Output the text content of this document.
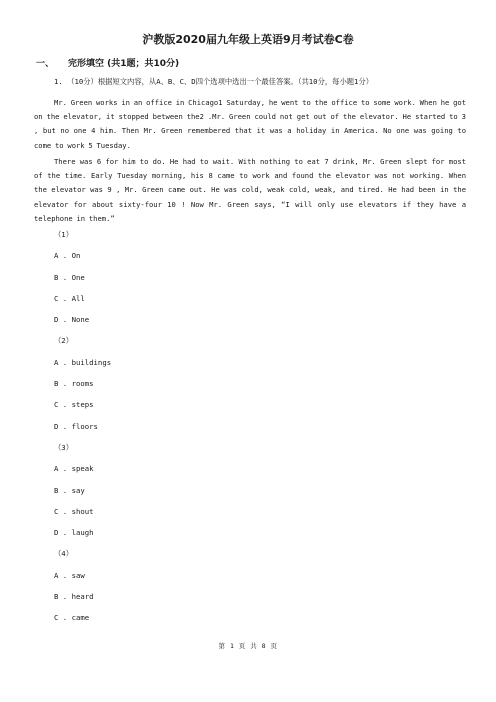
沪教版2020届九年级上英语9月考试卷C卷
一、 完形填空 (共1题；共10分)
1. （10分）根据短文内容，从A、B、C、D四个选项中选出一个最佳答案。（共10分，每小题1分）
Mr. Green works in an office in Chicago1 Saturday, he went to the office to some work. When he got on the elevator, it stopped between the2 .Mr. Green could not get out of the elevator. He started to 3 , but no one 4 him. Then Mr. Green remembered that it was a holiday in America. No one was going to come to work 5 Tuesday.
There was 6 for him to do. He had to wait. With nothing to eat 7 drink, Mr. Green slept for most of the time. Early Tuesday morning, his 8 came to work and found the elevator was not working. When the elevator was 9 , Mr. Green came out. He was cold, weak cold, weak, and tired. He had been in the elevator for about sixty-four 10 ! Now Mr. Green says, “I will only use elevators if they have a telephone in them.”
（1）
A . On
B . One
C . All
D . None
（2）
A . buildings
B . rooms
C . steps
D . floors
（3）
A . speak
B . say
C . shout
D . laugh
（4）
A . saw
B . heard
C . came
第 1 页 共 8 页
